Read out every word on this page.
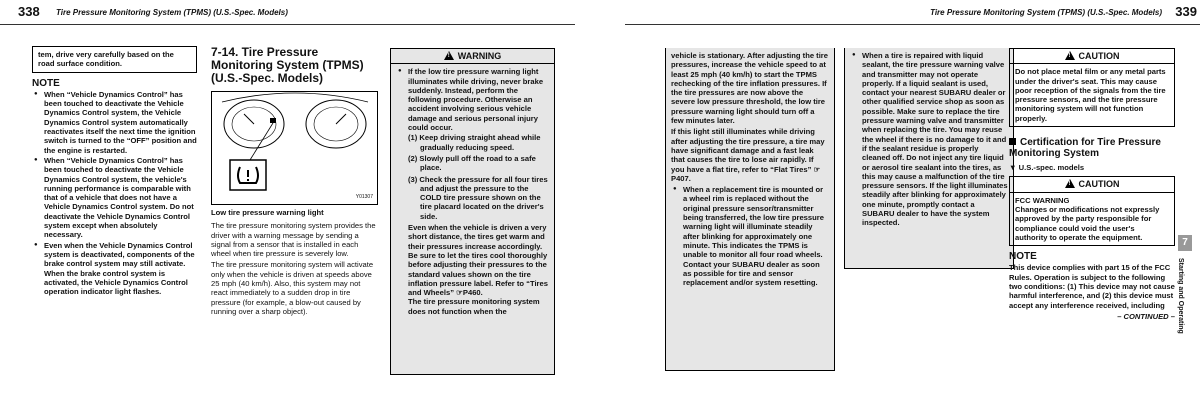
338 Tire Pressure Monitoring System (TPMS) (U.S.-Spec. Models)
tem, drive very carefully based on the road surface condition.
NOTE
● When “Vehicle Dynamics Control” has been touched to deactivate the Vehicle Dynamics Control system, the Vehicle Dynamics Control system automatically reactivates itself the next time the ignition switch is turned to the “OFF” position and the engine is restarted.
● When “Vehicle Dynamics Control” has been touched to deactivate the Vehicle Dynamics Control system, the vehicle's running performance is comparable with that of a vehicle that does not have a Vehicle Dynamics Control system. Do not deactivate the Vehicle Dynamics Control system except when absolutely necessary.
● Even when the Vehicle Dynamics Control system is deactivated, components of the brake control system may still activate. When the brake control system is activated, the Vehicle Dynamics Control operation indicator light flashes.
7-14. Tire Pressure Monitoring System (TPMS) (U.S.-Spec. Models)
Y01307
Low tire pressure warning light
The tire pressure monitoring system provides the driver with a warning message by sending a signal from a sensor that is installed in each wheel when tire pressure is severely low.
The tire pressure monitoring system will activate only when the vehicle is driven at speeds above 25 mph (40 km/h). Also, this system may not react immediately to a sudden drop in tire pressure (for example, a blow-out caused by running over a sharp object).
! WARNING
● If the low tire pressure warning light illuminates while driving, never brake suddenly. Instead, perform the following procedure. Otherwise an accident involving serious vehicle damage and serious personal injury could occur.
(1) Keep driving straight ahead while gradually reducing speed.
(2) Slowly pull off the road to a safe place.
(3) Check the pressure for all four tires and adjust the pressure to the COLD tire pressure shown on the tire placard located on the driver's side.
Even when the vehicle is driven a very short distance, the tires get warm and their pressures increase accordingly. Be sure to let the tires cool thoroughly before adjusting their pressures to the standard values shown on the tire inflation pressure label. Refer to “Tires and Wheels” ☞P460.
The tire pressure monitoring system does not function when the
Tire Pressure Monitoring System (TPMS) (U.S.-Spec. Models) 339
vehicle is stationary. After adjusting the tire pressures, increase the vehicle speed to at least 25 mph (40 km/h) to start the TPMS rechecking of the tire inflation pressures. If the tire pressures are now above the severe low pressure threshold, the low tire pressure warning light should turn off a few minutes later.
If this light still illuminates while driving after adjusting the tire pressure, a tire may have significant damage and a fast leak that causes the tire to lose air rapidly. If you have a flat tire, refer to “Flat Tires” ☞P407.
● When a replacement tire is mounted or a wheel rim is replaced without the original pressure sensor/transmitter being transferred, the low tire pressure warning light will illuminate steadily after blinking for approximately one minute. This indicates the TPMS is unable to monitor all four road wheels. Contact your SUBARU dealer as soon as possible for tire and sensor replacement and/or system resetting.
● When a tire is repaired with liquid sealant, the tire pressure warning valve and transmitter may not operate properly. If a liquid sealant is used, contact your nearest SUBARU dealer or other qualified service shop as soon as possible. Make sure to replace the tire pressure warning valve and transmitter when replacing the tire. You may reuse the wheel if there is no damage to it and if the sealant residue is properly cleaned off. Do not inject any tire liquid or aerosol tire sealant into the tires, as this may cause a malfunction of the tire pressure sensors. If the light illuminates steadily after blinking for approximately one minute, promptly contact a SUBARU dealer to have the system inspected.
! CAUTION
Do not place metal film or any metal parts under the driver's seat. This may cause poor reception of the signals from the tire pressure sensors, and the tire pressure monitoring system will not function properly.
Certification for Tire Pressure Monitoring System
▼ U.S.-spec. models
! CAUTION
FCC WARNING
Changes or modifications not expressly approved by the party responsible for compliance could void the user's authority to operate the equipment.
NOTE
This device complies with part 15 of the FCC Rules. Operation is subject to the following two conditions: (1) This device may not cause harmful interference, and (2) this device must accept any interference received, including
– CONTINUED –
7
Starting and Operating
